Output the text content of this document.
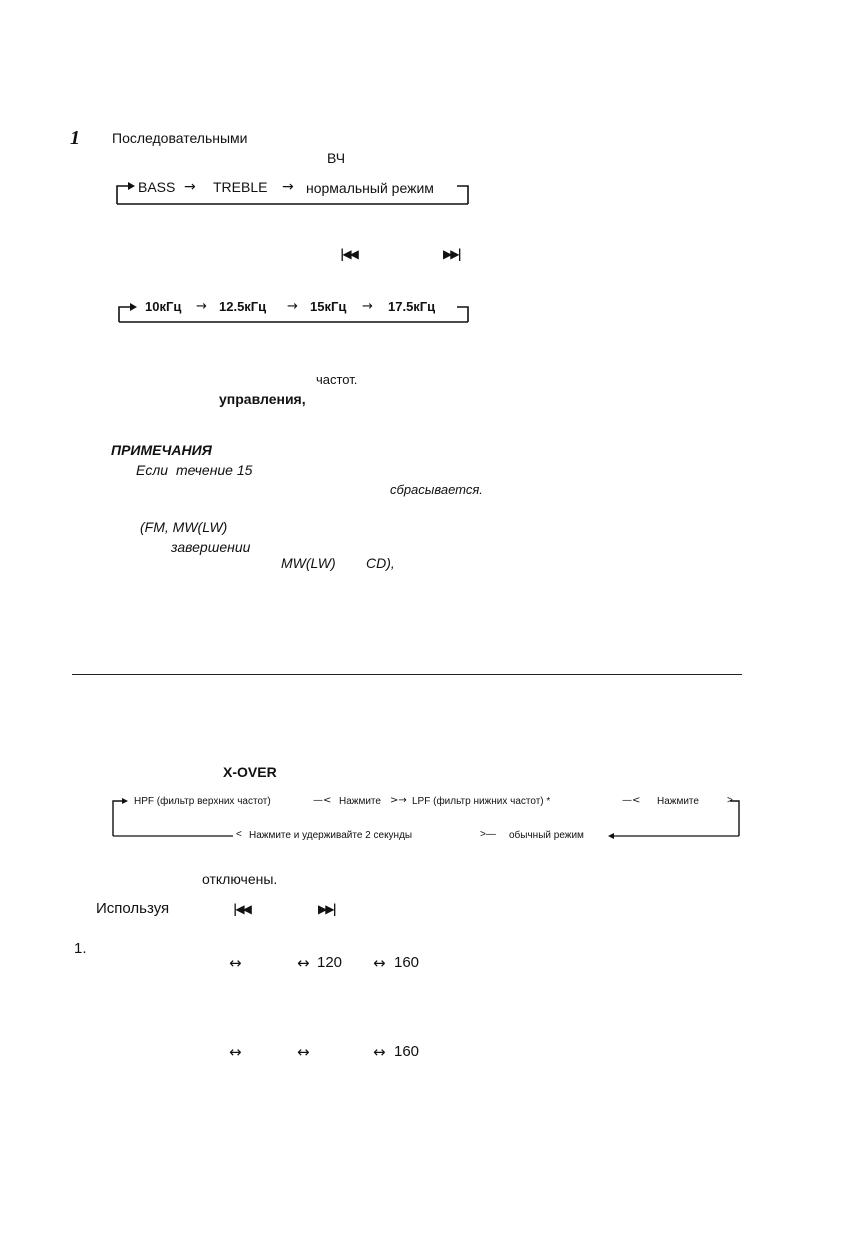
1 Последовательными
ВЧ
BASS → TREBLE → нормальный режим
|◀◀	▶▶|
10кГц → 12.5кГц → 15кГц → 17.5кГц
частот.
управления,
ПРИМЕЧАНИЯ
Если течение 15
сбрасывается.
(FM, MW(LW)
завершении
MW(LW) CD),
X-OVER
HPF (фильтр верхних частот)	—< Нажмите >→ LPF (фильтр нижних частот) *	—< Нажмите	>
< Нажмите и удерживайте 2 секунды	>— обычный режим
отключены.
Используя	|◀◀	▶▶|
1.
↔	↔ 120 ↔ 160
↔	↔	↔ 160
